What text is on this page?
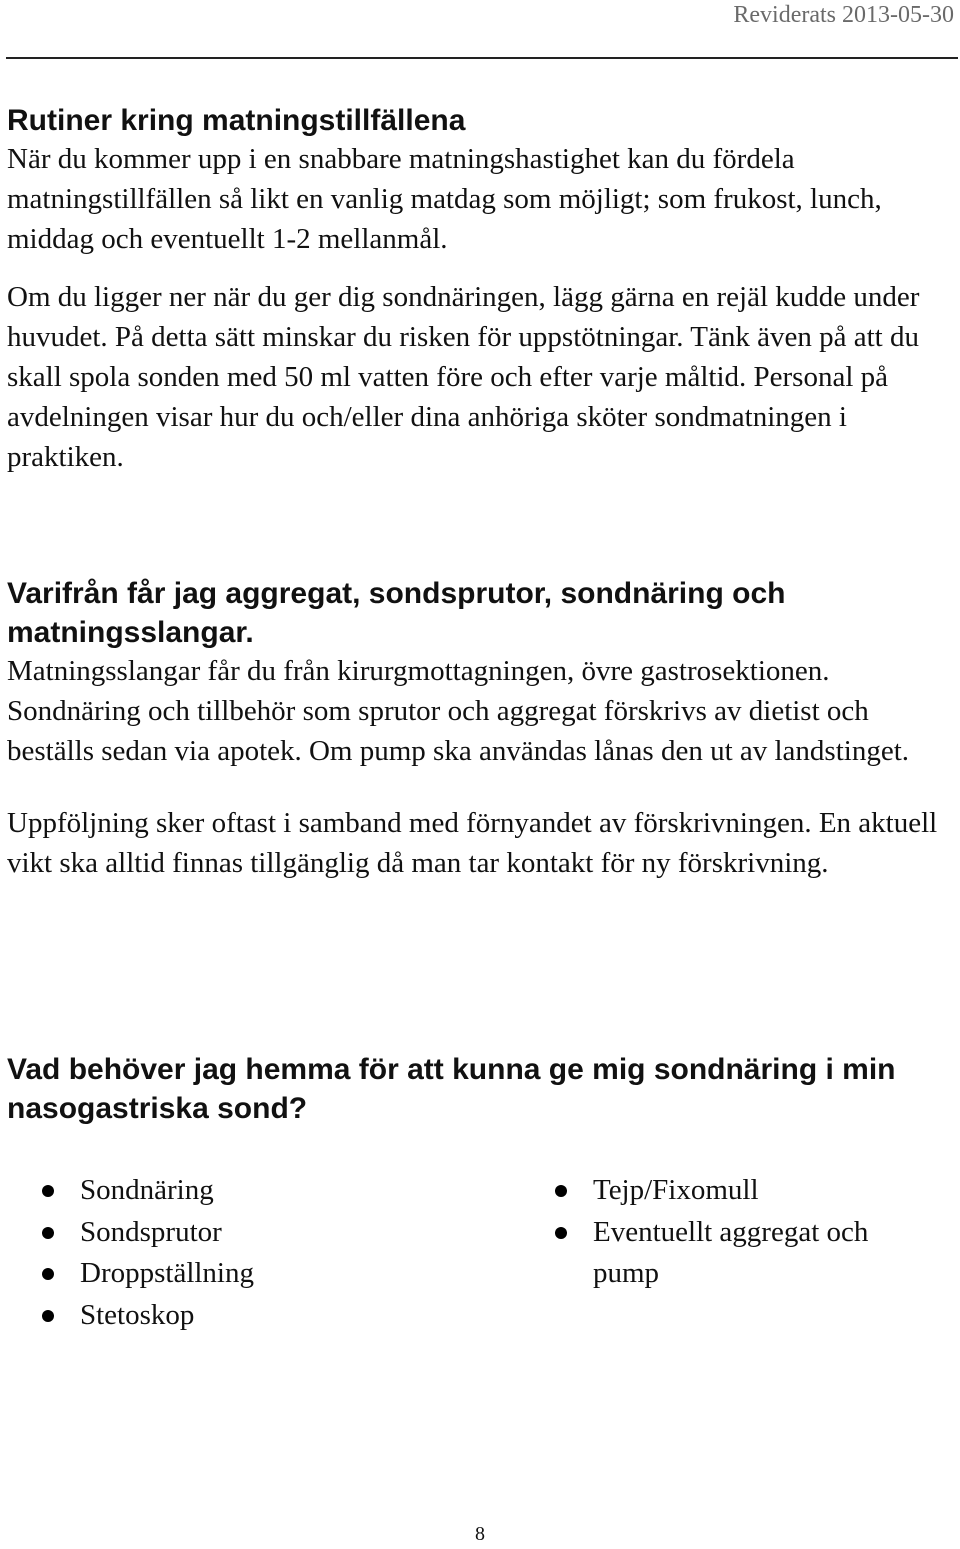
Reviderats 2013-05-30
Rutiner kring matningstillfällena

När du kommer upp i en snabbare matningshastighet kan du fördela matningstillfällen så likt en vanlig matdag som möjligt; som frukost, lunch, middag och eventuellt 1-2 mellanmål.

Om du ligger ner när du ger dig sondnäringen, lägg gärna en rejäl kudde under huvudet. På detta sätt minskar du risken för uppstötningar. Tänk även på att du skall spola sonden med 50 ml vatten före och efter varje måltid. Personal på avdelningen visar hur du och/eller dina anhöriga sköter sondmatningen i praktiken.

Varifrån får jag aggregat, sondsprutor, sondnäring och matningsslangar.

Matningsslangar får du från kirurgmottagningen, övre gastrosektionen. Sondnäring och tillbehör som sprutor och aggregat förskrivs av dietist och beställs sedan via apotek. Om pump ska användas lånas den ut av landstinget.

Uppföljning sker oftast i samband med förnyandet av förskrivningen. En aktuell vikt ska alltid finnas tillgänglig då man tar kontakt för ny förskrivning.

Vad behöver jag hemma för att kunna ge mig sondnäring i min nasogastriska sond?
Sondnäring
Sondsprutor
Droppställning
Stetoskop
Tejp/Fixomull
Eventuellt aggregat och pump
8
